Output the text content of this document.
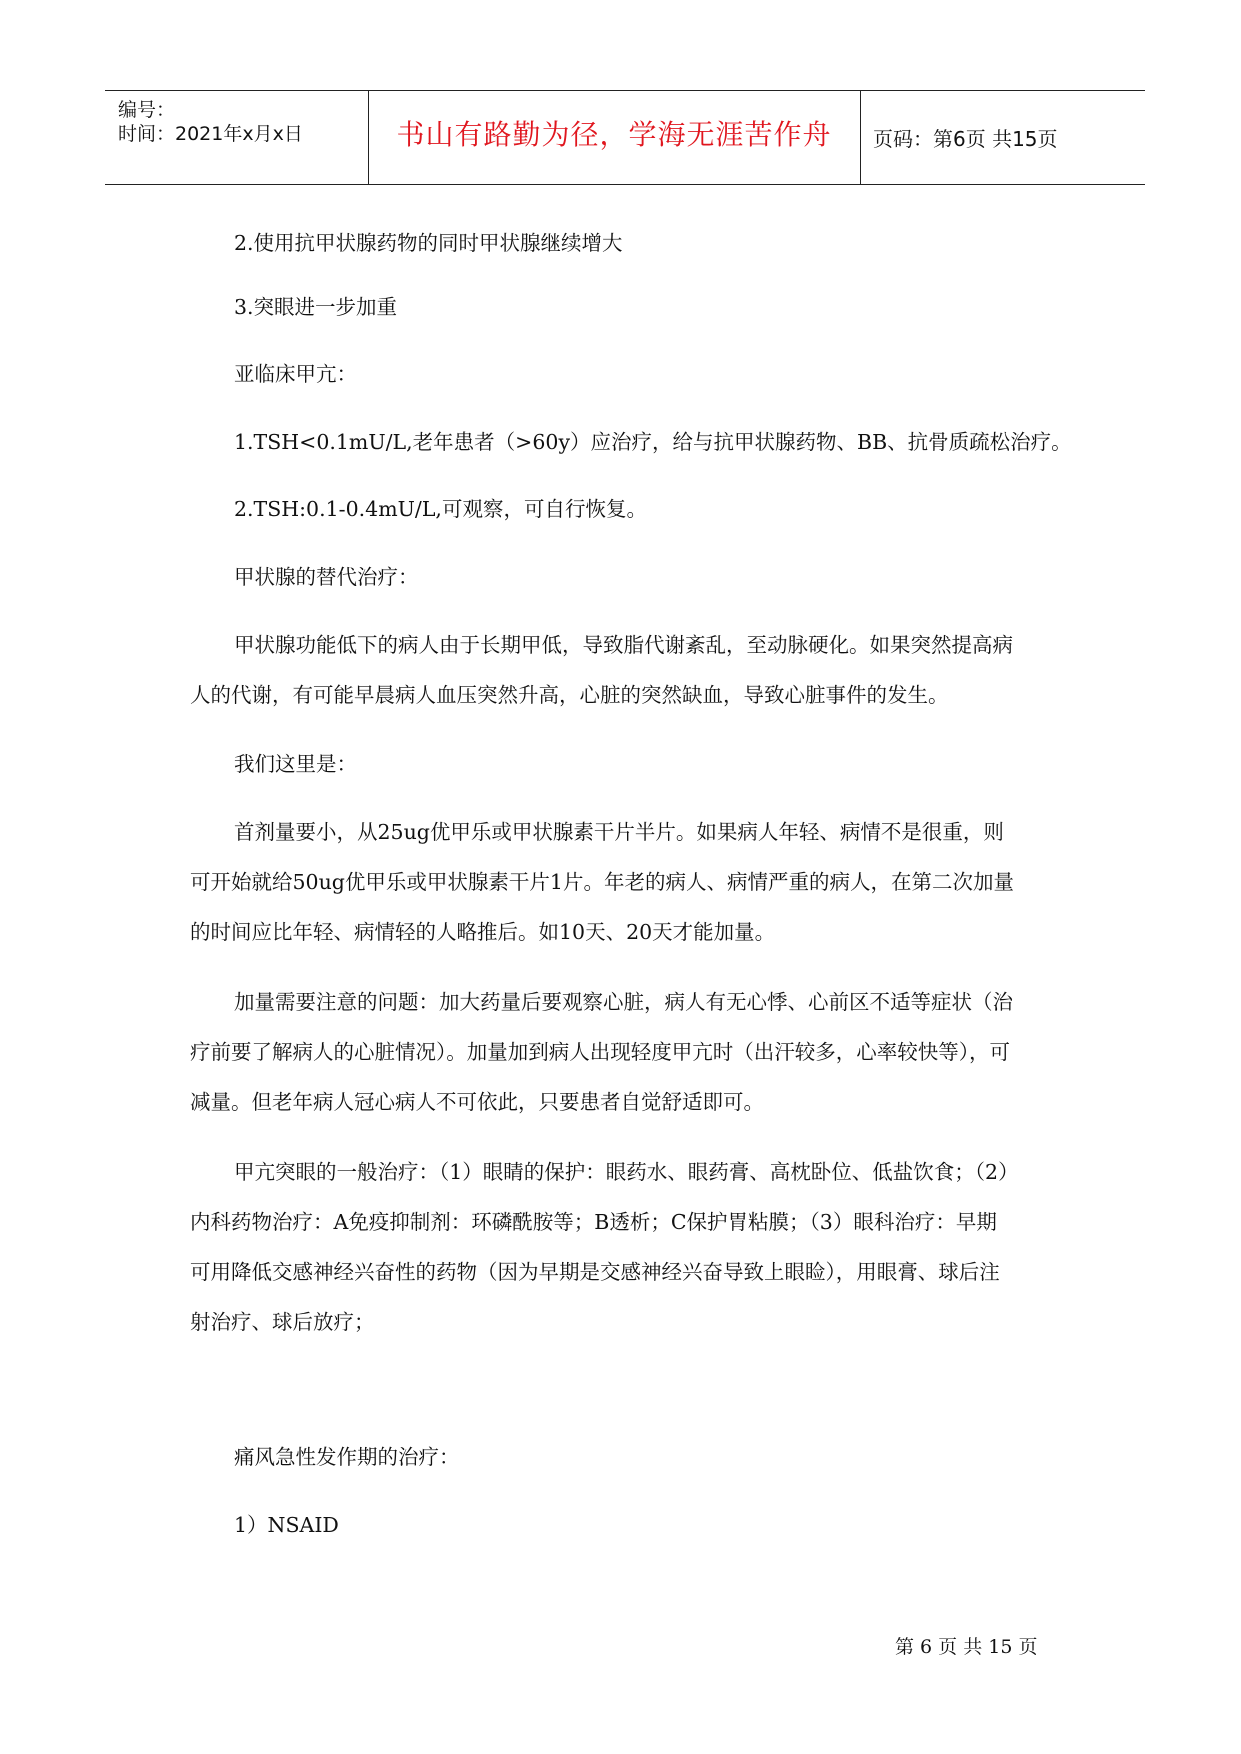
编号：
时间：2021年x月x日	书山有路勤为径，学海无涯苦作舟	页码：第6页 共15页
2.使用抗甲状腺药物的同时甲状腺继续增大
3.突眼进一步加重
亚临床甲亢：
1.TSH<0.1mU/L,老年患者（>60y）应治疗，给与抗甲状腺药物、BB、抗骨质疏松治疗。
2.TSH:0.1-0.4mU/L,可观察，可自行恢复。
甲状腺的替代治疗：
甲状腺功能低下的病人由于长期甲低，导致脂代谢紊乱，至动脉硬化。如果突然提高病
人的代谢，有可能早晨病人血压突然升高，心脏的突然缺血，导致心脏事件的发生。
我们这里是：
首剂量要小，从25ug优甲乐或甲状腺素干片半片。如果病人年轻、病情不是很重，则
可开始就给50ug优甲乐或甲状腺素干片1片。年老的病人、病情严重的病人，在第二次加量
的时间应比年轻、病情轻的人略推后。如10天、20天才能加量。
加量需要注意的问题：加大药量后要观察心脏，病人有无心悸、心前区不适等症状（治
疗前要了解病人的心脏情况）。加量加到病人出现轻度甲亢时（出汗较多，心率较快等），可
减量。但老年病人冠心病人不可依此，只要患者自觉舒适即可。
甲亢突眼的一般治疗：（1）眼睛的保护：眼药水、眼药膏、高枕卧位、低盐饮食；（2）
内科药物治疗：A免疫抑制剂：环磷酰胺等；B透析；C保护胃粘膜；（3）眼科治疗：早期
可用降低交感神经兴奋性的药物（因为早期是交感神经兴奋导致上眼睑），用眼膏、球后注
射治疗、球后放疗；
痛风急性发作期的治疗：
1）NSAID
第 6 页 共 15 页
